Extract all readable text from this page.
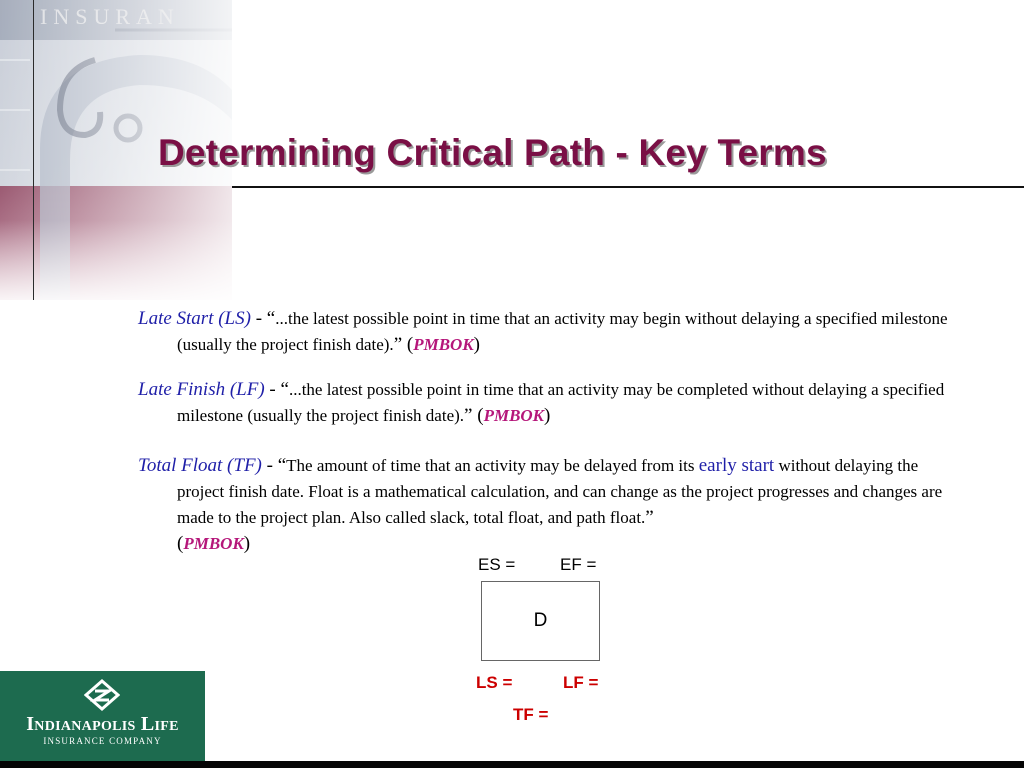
INSURAN
Determining Critical Path - Key Terms

Late Start (LS) - “...the latest possible point in time that an activity may begin without delaying a specified milestone (usually the project finish date).” (PMBOK)

Late Finish (LF) - “...the latest possible point in time that an activity may be completed without delaying a specified milestone (usually the project finish date).” (PMBOK)

Total Float (TF) - “The amount of time that an activity may be delayed from its early start without delaying the project finish date. Float is a mathematical calculation, and can change as the project progresses and changes are made to the project plan. Also called slack, total float, and path float.”
(PMBOK)

ES =	EF =
D
LS =	LF =
TF =
Indianapolis Life
INSURANCE COMPANY
